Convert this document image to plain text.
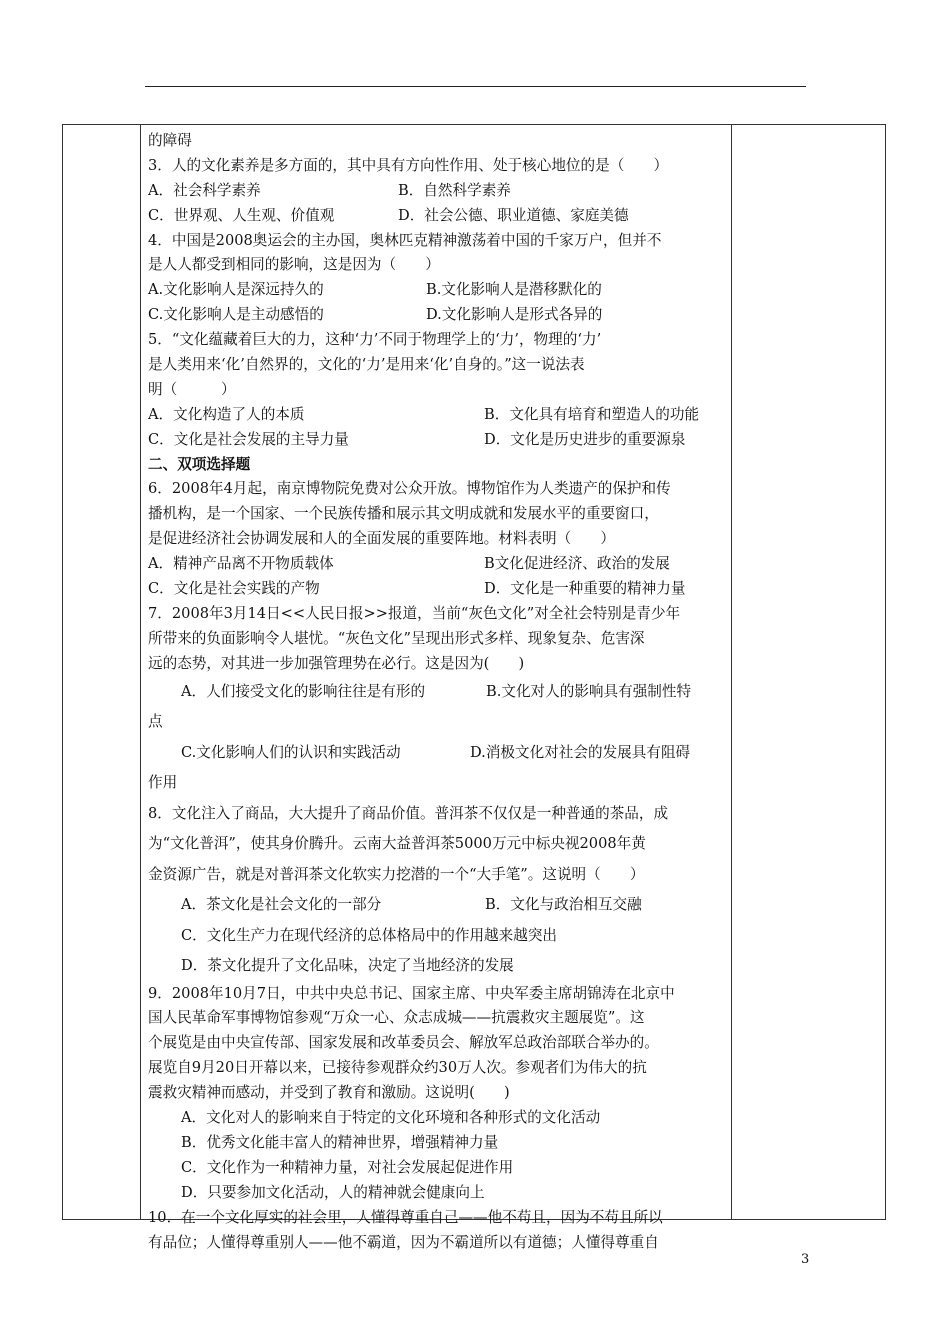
的障碍
3．人的文化素养是多方面的，其中具有方向性作用、处于核心地位的是（　　）
A．社会科学素养	B．自然科学素养
C．世界观、人生观、价值观	D．社会公德、职业道德、家庭美德
4．中国是2008奥运会的主办国，奥林匹克精神激荡着中国的千家万户，但并不
是人人都受到相同的影响，这是因为（　　）
A.文化影响人是深远持久的	B.文化影响人是潜移默化的
C.文化影响人是主动感悟的	D.文化影响人是形式各异的
5．“文化蕴藏着巨大的力，这种‘力’不同于物理学上的‘力’，物理的‘力’
是人类用来‘化’自然界的，文化的‘力’是用来‘化’自身的。”这一说法表
明（　　　）
A．文化构造了人的本质	B．文化具有培育和塑造人的功能
C．文化是社会发展的主导力量	D．文化是历史进步的重要源泉
二、双项选择题
6．2008年4月起，南京博物院免费对公众开放。博物馆作为人类遗产的保护和传
播机构，是一个国家、一个民族传播和展示其文明成就和发展水平的重要窗口，
是促进经济社会协调发展和人的全面发展的重要阵地。材料表明（　　）
A．精神产品离不开物质载体	B文化促进经济、政治的发展
C．文化是社会实践的产物	D．文化是一种重要的精神力量
7．2008年3月14日<<人民日报>>报道，当前“灰色文化”对全社会特别是青少年
所带来的负面影响令人堪忧。“灰色文化”呈现出形式多样、现象复杂、危害深
远的态势，对其进一步加强管理势在必行。这是因为(　　)
A．人们接受文化的影响往往是有形的	B.文化对人的影响具有强制性特
点
C.文化影响人们的认识和实践活动	D.消极文化对社会的发展具有阻碍
作用
8．文化注入了商品，大大提升了商品价值。普洱茶不仅仅是一种普通的茶品，成
为“文化普洱”，使其身价腾升。云南大益普洱茶5000万元中标央视2008年黄
金资源广告，就是对普洱茶文化软实力挖潜的一个“大手笔”。这说明（　　）
A．茶文化是社会文化的一部分	B．文化与政治相互交融
C．文化生产力在现代经济的总体格局中的作用越来越突出
D．茶文化提升了文化品味，决定了当地经济的发展
9．2008年10月7日，中共中央总书记、国家主席、中央军委主席胡锦涛在北京中
国人民革命军事博物馆参观“万众一心、众志成城——抗震救灾主题展览”。这
个展览是由中央宣传部、国家发展和改革委员会、解放军总政治部联合举办的。
展览自9月20日开幕以来，已接待参观群众约30万人次。参观者们为伟大的抗
震救灾精神而感动，并受到了教育和激励。这说明(　　)
A．文化对人的影响来自于特定的文化环境和各种形式的文化活动
B．优秀文化能丰富人的精神世界，增强精神力量
C．文化作为一种精神力量，对社会发展起促进作用
D．只要参加文化活动，人的精神就会健康向上
10．在一个文化厚实的社会里，人懂得尊重自己——他不苟且，因为不苟且所以
有品位；人懂得尊重别人——他不霸道，因为不霸道所以有道德；人懂得尊重自
3
